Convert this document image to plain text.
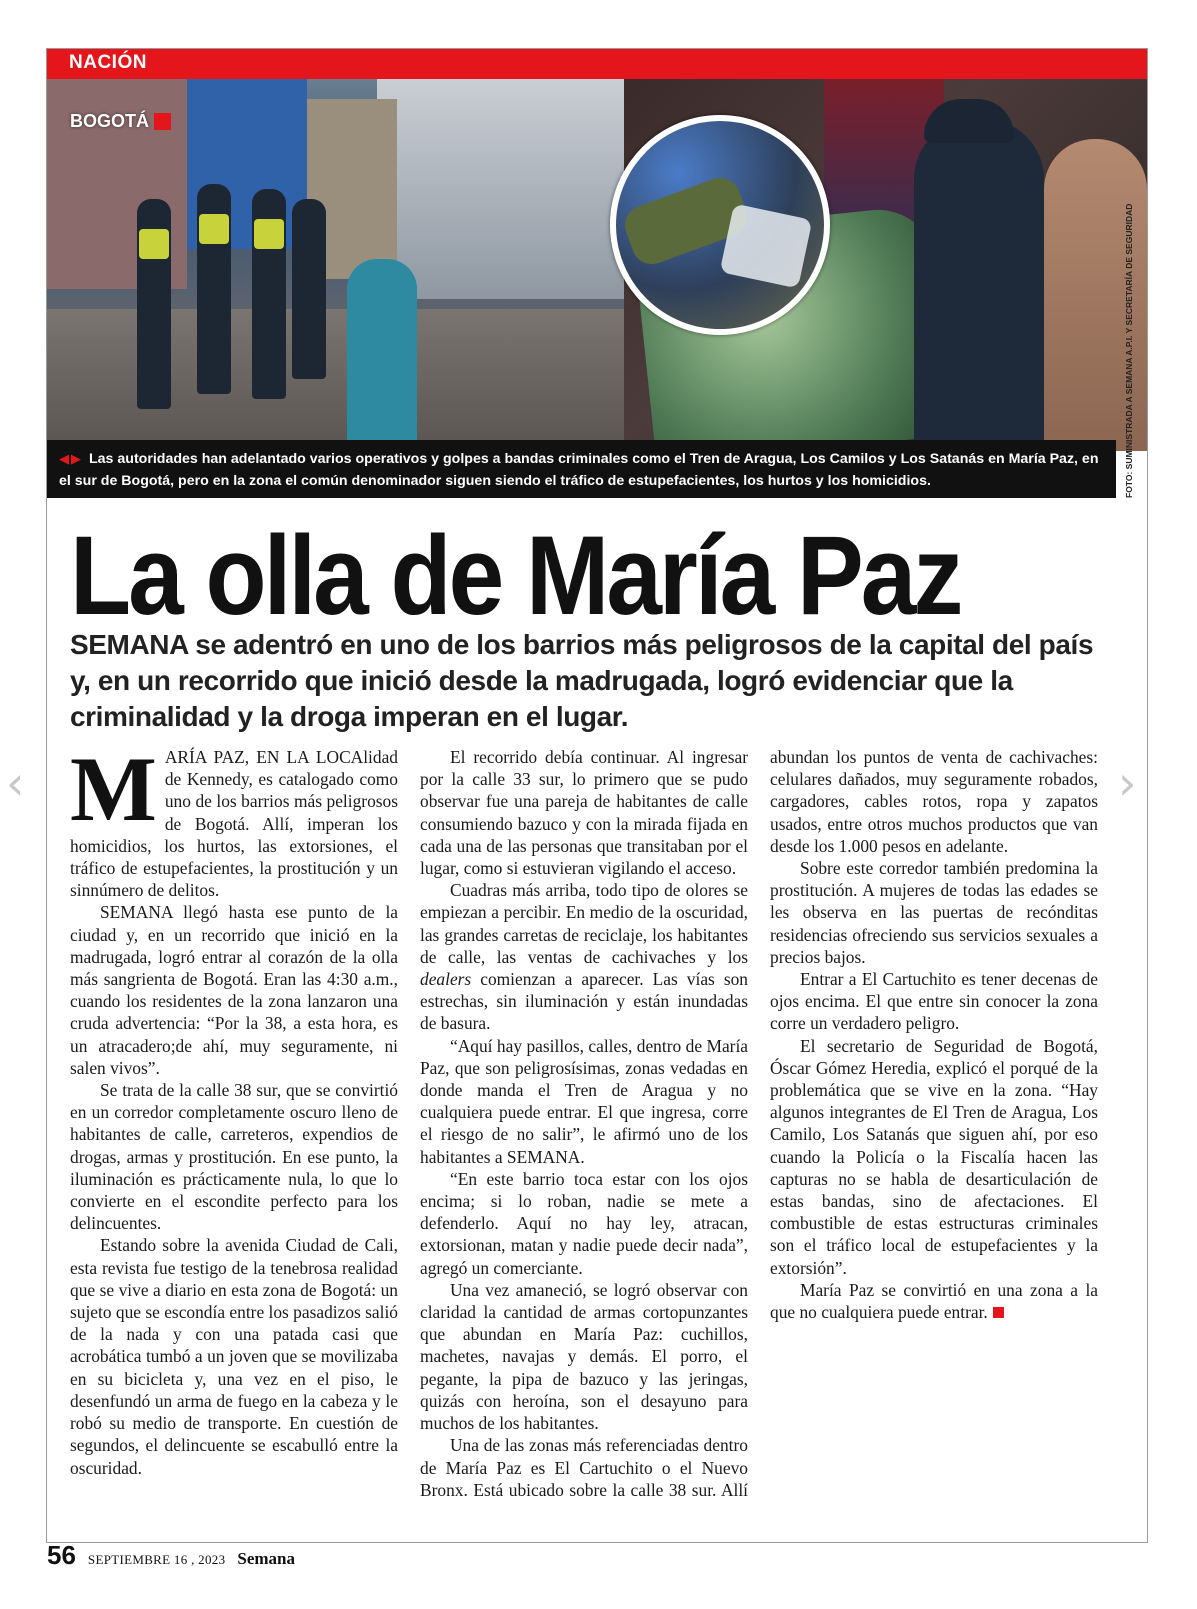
NACIÓN
BOGOTÁ
◀▶ Las autoridades han adelantado varios operativos y golpes a bandas criminales como el Tren de Aragua, Los Camilos y Los Satanás en María Paz, en el sur de Bogotá, pero en la zona el común denominador siguen siendo el tráfico de estupefacientes, los hurtos y los homicidios.	FOTO: SUMINISTRADA A SEMANA A.P.I. Y SECRETARÍA DE SEGURIDAD
La olla de María Paz

SEMANA se adentró en uno de los barrios más peligrosos de la capital del país y, en un recorrido que inició desde la madrugada, logró evidenciar que la criminalidad y la droga imperan en el lugar.

‹	›

MARÍA PAZ, EN LA LOCAlidad de Kennedy, es catalogado como uno de los barrios más peligrosos de Bogotá. Allí, imperan los homicidios, los hurtos, las extorsiones, el tráfico de estupefacientes, la prostitución y un sinnúmero de delitos.

SEMANA llegó hasta ese punto de la ciudad y, en un recorrido que inició en la madrugada, logró entrar al corazón de la olla más sangrienta de Bogotá. Eran las 4:30 a.m., cuando los residentes de la zona lanzaron una cruda advertencia: “Por la 38, a esta hora, es un atracadero;de ahí, muy seguramente, ni salen vivos”.

Se trata de la calle 38 sur, que se convirtió en un corredor completamente oscuro lleno de habitantes de calle, carreteros, expendios de drogas, armas y prostitución. En ese punto, la iluminación es prácticamente nula, lo que lo convierte en el escondite perfecto para los delincuentes.

Estando sobre la avenida Ciudad de Cali, esta revista fue testigo de la tenebrosa realidad que se vive a diario en esta zona de Bogotá: un sujeto que se escondía entre los pasadizos salió de la nada y con una patada casi que acrobática tumbó a un joven que se movilizaba en su bicicleta y, una vez en el piso, le desenfundó un arma de fuego en la cabeza y le robó su medio de transporte. En cuestión de segundos, el delincuente se escabulló entre la oscuridad.

El recorrido debía continuar. Al ingresar por la calle 33 sur, lo primero que se pudo observar fue una pareja de habitantes de calle consumiendo bazuco y con la mirada fijada en cada una de las personas que transitaban por el lugar, como si estuvieran vigilando el acceso.

Cuadras más arriba, todo tipo de olores se empiezan a percibir. En medio de la oscuridad, las grandes carretas de reciclaje, los habitantes de calle, las ventas de cachivaches y los dealers comienzan a aparecer. Las vías son estrechas, sin iluminación y están inundadas de basura.

“Aquí hay pasillos, calles, dentro de María Paz, que son peligrosísimas, zonas vedadas en donde manda el Tren de Aragua y no cualquiera puede entrar. El que ingresa, corre el riesgo de no salir”, le afirmó uno de los habitantes a SEMANA.

“En este barrio toca estar con los ojos encima; si lo roban, nadie se mete a defenderlo. Aquí no hay ley, atracan, extorsionan, matan y nadie puede decir nada”, agregó un comerciante.

Una vez amaneció, se logró observar con claridad la cantidad de armas cortopunzantes que abundan en María Paz: cuchillos, machetes, navajas y demás. El porro, el pegante, la pipa de bazuco y las jeringas, quizás con heroína, son el desayuno para muchos de los habitantes.

Una de las zonas más referenciadas dentro de María Paz es El Cartuchito o el Nuevo Bronx. Está ubicado sobre la calle 38 sur. Allí abundan los puntos de venta de cachivaches: celulares dañados, muy seguramente robados, cargadores, cables rotos, ropa y zapatos usados, entre otros muchos productos que van desde los 1.000 pesos en adelante.

Sobre este corredor también predomina la prostitución. A mujeres de todas las edades se les observa en las puertas de recónditas residencias ofreciendo sus servicios sexuales a precios bajos.

Entrar a El Cartuchito es tener decenas de ojos encima. El que entre sin conocer la zona corre un verdadero peligro.

El secretario de Seguridad de Bogotá, Óscar Gómez Heredia, explicó el porqué de la problemática que se vive en la zona. “Hay algunos integrantes de El Tren de Aragua, Los Camilo, Los Satanás que siguen ahí, por eso cuando la Policía o la Fiscalía hacen las capturas no se habla de desarticulación de estas bandas, sino de afectaciones. El combustible de estas estructuras criminales son el tráfico local de estupefacientes y la extorsión”.

María Paz se convirtió en una zona a la que no cualquiera puede entrar.

56 SEPTIEMBRE 16 , 2023 Semana
